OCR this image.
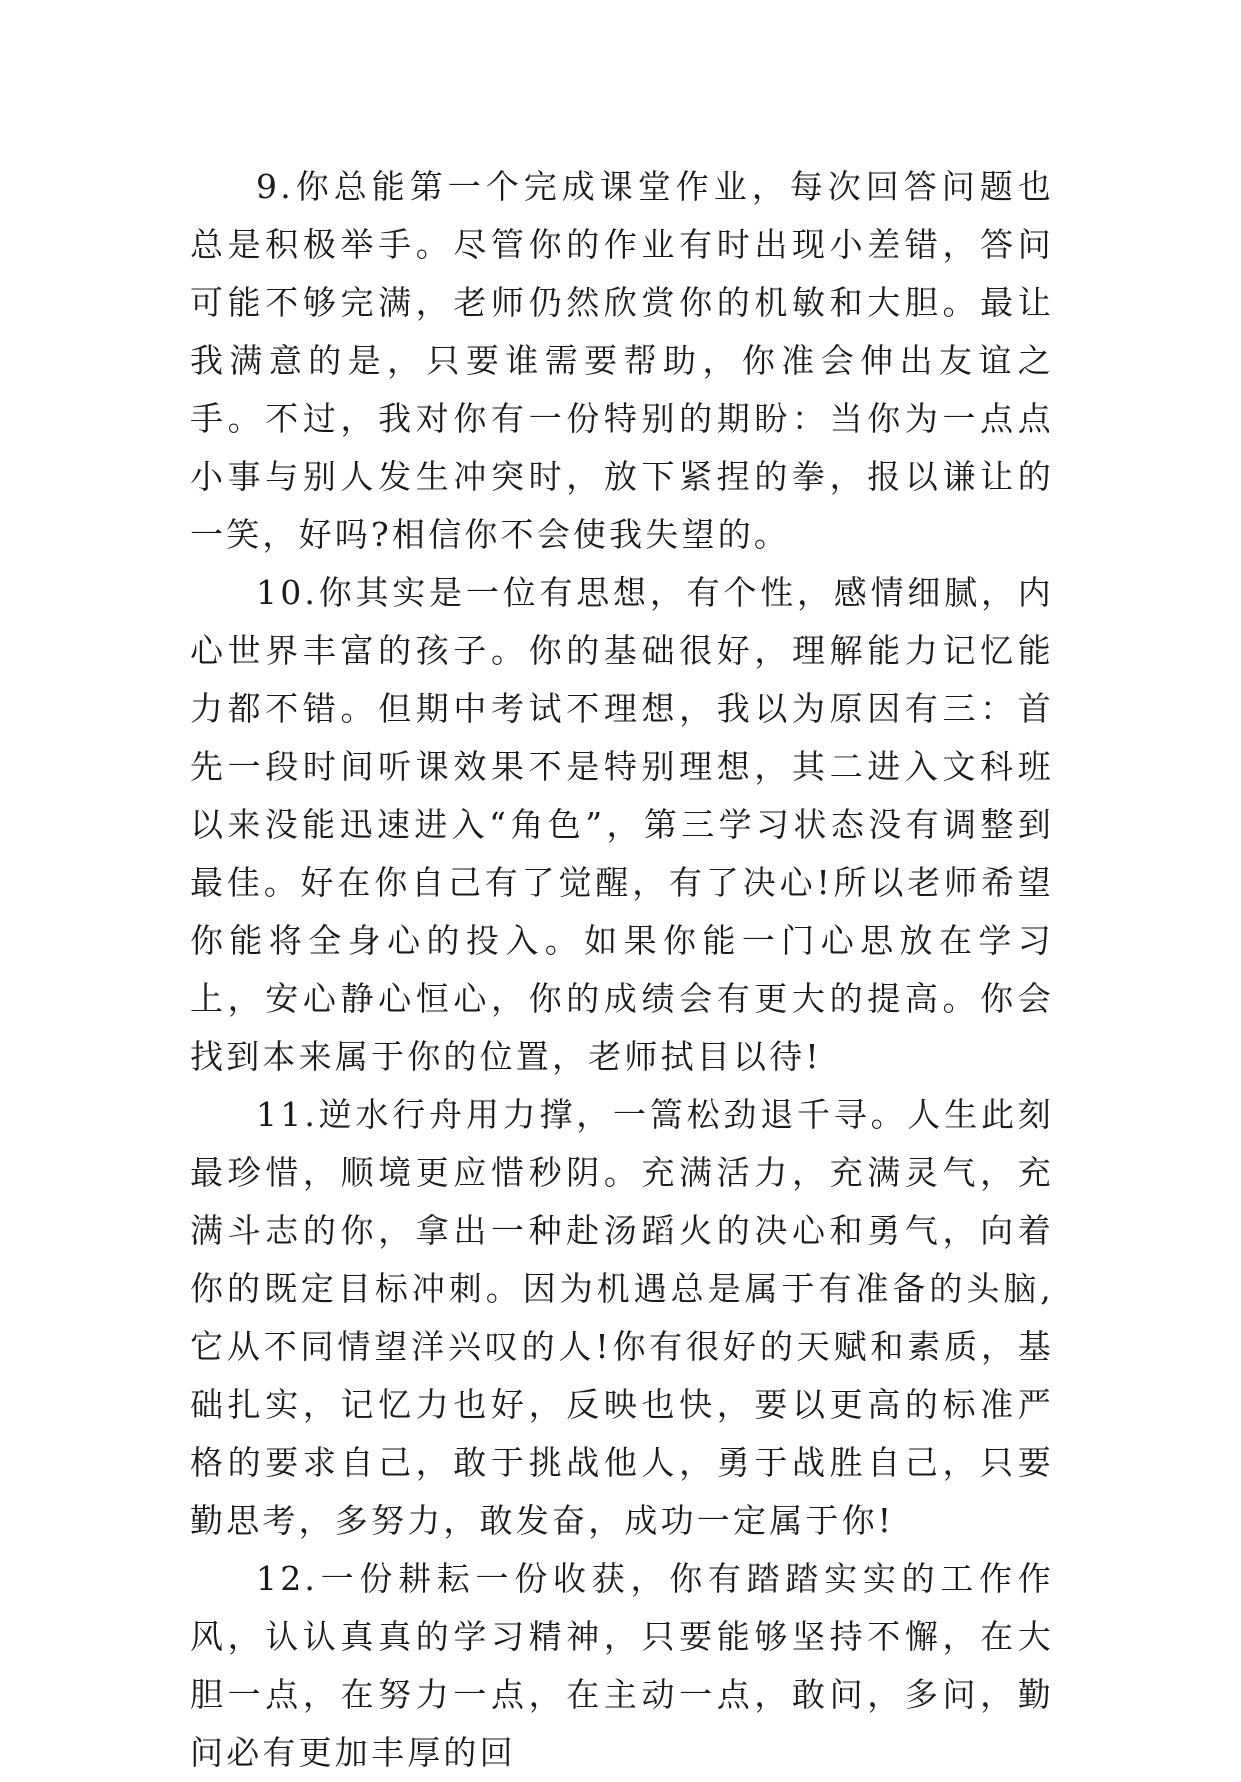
9.你总能第一个完成课堂作业，每次回答问题也总是积极举手。尽管你的作业有时出现小差错，答问可能不够完满，老师仍然欣赏你的机敏和大胆。最让我满意的是，只要谁需要帮助，你准会伸出友谊之手。不过，我对你有一份特别的期盼：当你为一点点小事与别人发生冲突时，放下紧捏的拳，报以谦让的一笑，好吗?相信你不会使我失望的。

10.你其实是一位有思想，有个性，感情细腻，内心世界丰富的孩子。你的基础很好，理解能力记忆能力都不错。但期中考试不理想，我以为原因有三：首先一段时间听课效果不是特别理想，其二进入文科班以来没能迅速进入“角色”，第三学习状态没有调整到最佳。好在你自己有了觉醒，有了决心!所以老师希望你能将全身心的投入。如果你能一门心思放在学习上，安心静心恒心，你的成绩会有更大的提高。你会找到本来属于你的位置，老师拭目以待!

11.逆水行舟用力撑，一篙松劲退千寻。人生此刻最珍惜，顺境更应惜秒阴。充满活力，充满灵气，充满斗志的你，拿出一种赴汤蹈火的决心和勇气，向着你的既定目标冲刺。因为机遇总是属于有准备的头脑,它从不同情望洋兴叹的人!你有很好的天赋和素质，基础扎实，记忆力也好，反映也快，要以更高的标准严格的要求自己，敢于挑战他人，勇于战胜自己，只要勤思考，多努力，敢发奋，成功一定属于你!

12.一份耕耘一份收获，你有踏踏实实的工作作风，认认真真的学习精神，只要能够坚持不懈，在大胆一点，在努力一点，在主动一点，敢问，多问，勤问必有更加丰厚的回
